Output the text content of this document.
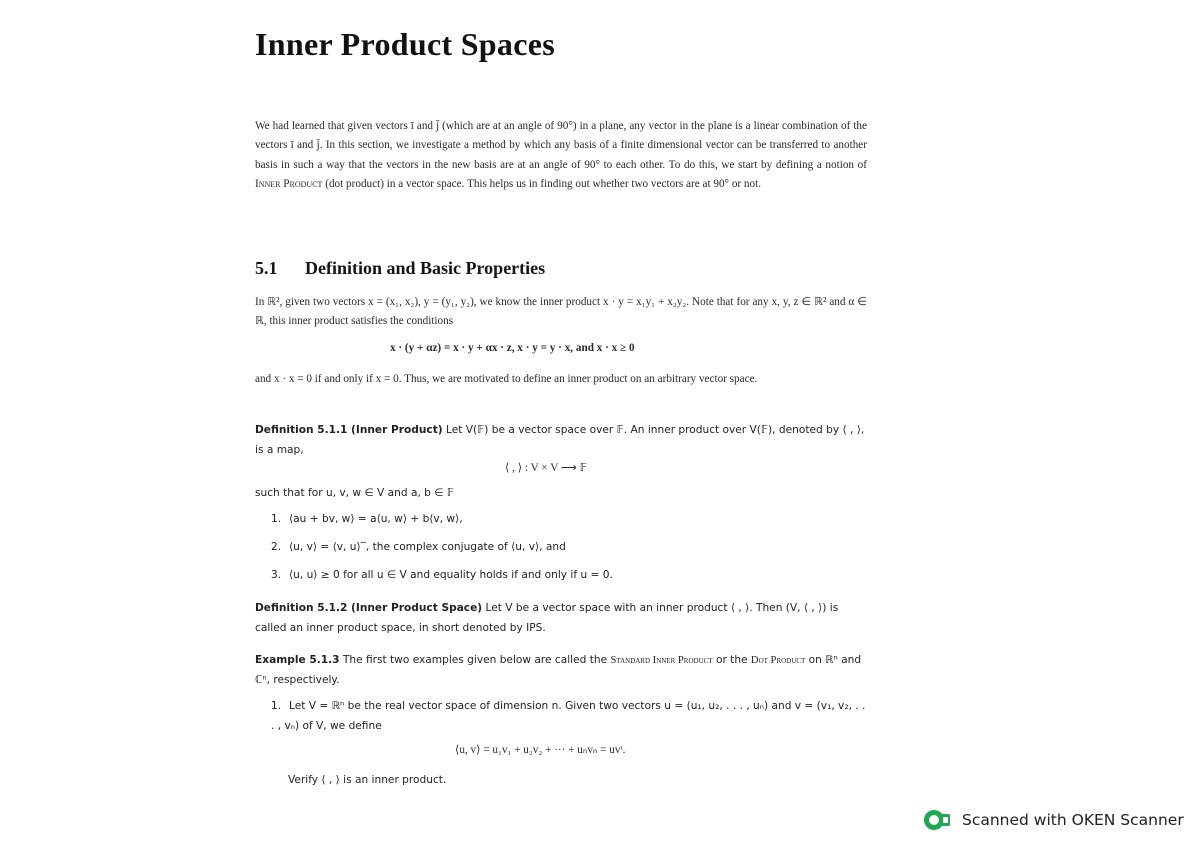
Inner Product Spaces

We had learned that given vectors ī and j̄ (which are at an angle of 90°) in a plane, any vector in the plane is a linear combination of the vectors ī and j̄. In this section, we investigate a method by which any basis of a finite dimensional vector can be transferred to another basis in such a way that the vectors in the new basis are at an angle of 90° to each other. To do this, we start by defining a notion of Inner Product (dot product) in a vector space. This helps us in finding out whether two vectors are at 90° or not.

5.1 Definition and Basic Properties

In ℝ², given two vectors x = (x₁, x₂), y = (y₁, y₂), we know the inner product x · y = x₁y₁ + x₂y₂. Note that for any x, y, z ∈ ℝ² and α ∈ ℝ, this inner product satisfies the conditions

x · (y + αz) = x · y + αx · z, x · y = y · x, and x · x ≥ 0

and x · x = 0 if and only if x = 0. Thus, we are motivated to define an inner product on an arbitrary vector space.

Definition 5.1.1 (Inner Product) Let V(𝔽) be a vector space over 𝔽. An inner product over V(𝔽), denoted by ⟨ , ⟩, is a map,

⟨ , ⟩ : V × V ⟶ 𝔽

such that for u, v, w ∈ V and a, b ∈ 𝔽

1. ⟨au + bv, w⟩ = a⟨u, w⟩ + b⟨v, w⟩,

2. ⟨u, v⟩ = ⟨v, u⟩‾, the complex conjugate of ⟨u, v⟩, and

3. ⟨u, u⟩ ≥ 0 for all u ∈ V and equality holds if and only if u = 0.

Definition 5.1.2 (Inner Product Space) Let V be a vector space with an inner product ⟨ , ⟩. Then (V, ⟨ , ⟩) is called an inner product space, in short denoted by IPS.

Example 5.1.3 The first two examples given below are called the Standard Inner Product or the Dot Product on ℝⁿ and ℂⁿ, respectively.

1. Let V = ℝⁿ be the real vector space of dimension n. Given two vectors u = (u₁, u₂, . . . , uₙ) and v = (v₁, v₂, . . . , vₙ) of V, we define

⟨u, v⟩ = u₁v₁ + u₂v₂ + ··· + uₙvₙ = uvᵗ.

Verify ⟨ , ⟩ is an inner product.

Scanned with OKEN Scanner
